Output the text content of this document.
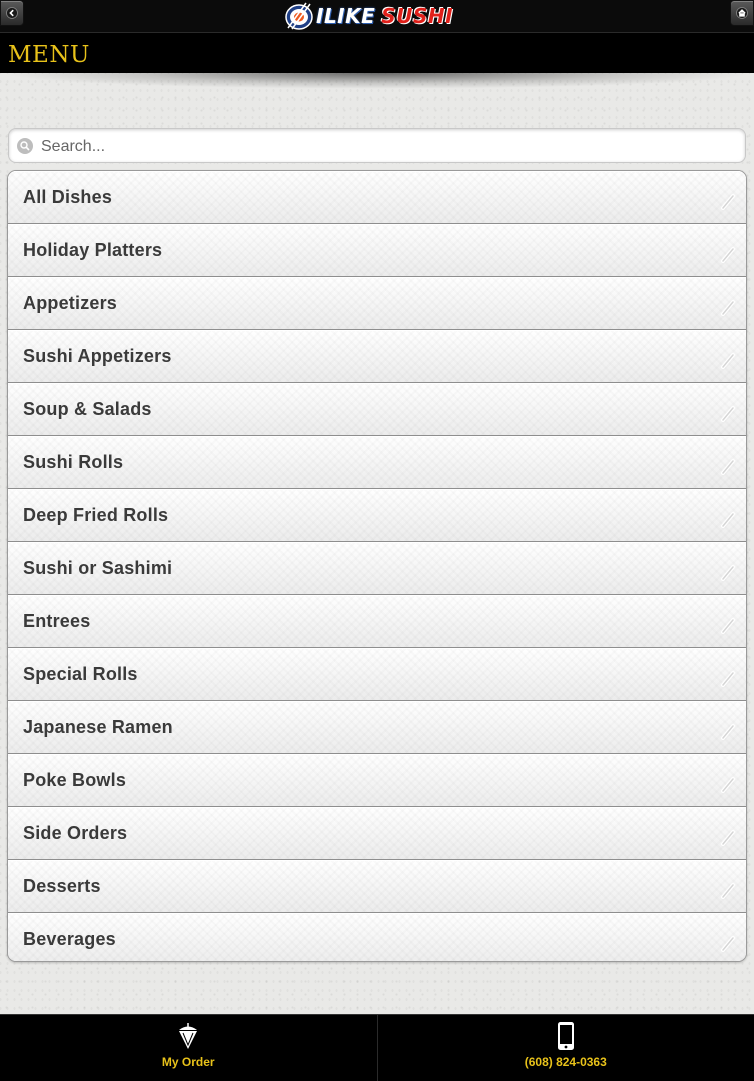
ILIKE SUSHI
MENU
Search...
All Dishes
Holiday Platters
Appetizers
Sushi Appetizers
Soup & Salads
Sushi Rolls
Deep Fried Rolls
Sushi or Sashimi
Entrees
Special Rolls
Japanese Ramen
Poke Bowls
Side Orders
Desserts
Beverages
My Order	(608) 824-0363
